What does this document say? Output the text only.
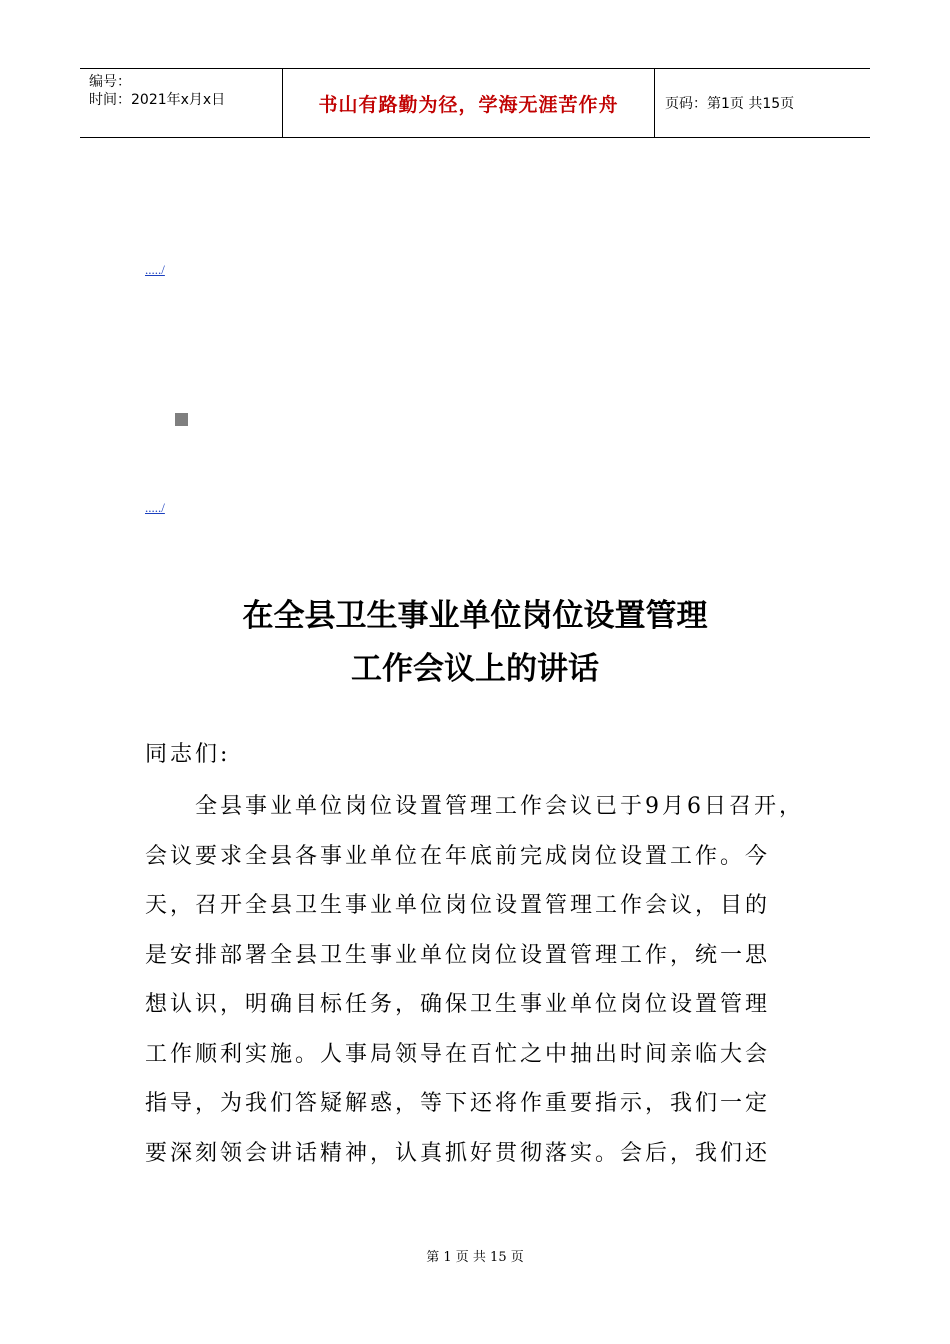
编号：
时间：2021年x月x日	书山有路勤为径，学海无涯苦作舟	页码：第1页 共15页
...../
...../
在全县卫生事业单位岗位设置管理
工作会议上的讲话
同志们:
　　全县事业单位岗位设置管理工作会议已于9月6日召开，
会议要求全县各事业单位在年底前完成岗位设置工作。今
天，召开全县卫生事业单位岗位设置管理工作会议，目的
是安排部署全县卫生事业单位岗位设置管理工作，统一思
想认识，明确目标任务，确保卫生事业单位岗位设置管理
工作顺利实施。人事局领导在百忙之中抽出时间亲临大会
指导，为我们答疑解惑，等下还将作重要指示，我们一定
要深刻领会讲话精神，认真抓好贯彻落实。会后，我们还
第 1 页 共 15 页
